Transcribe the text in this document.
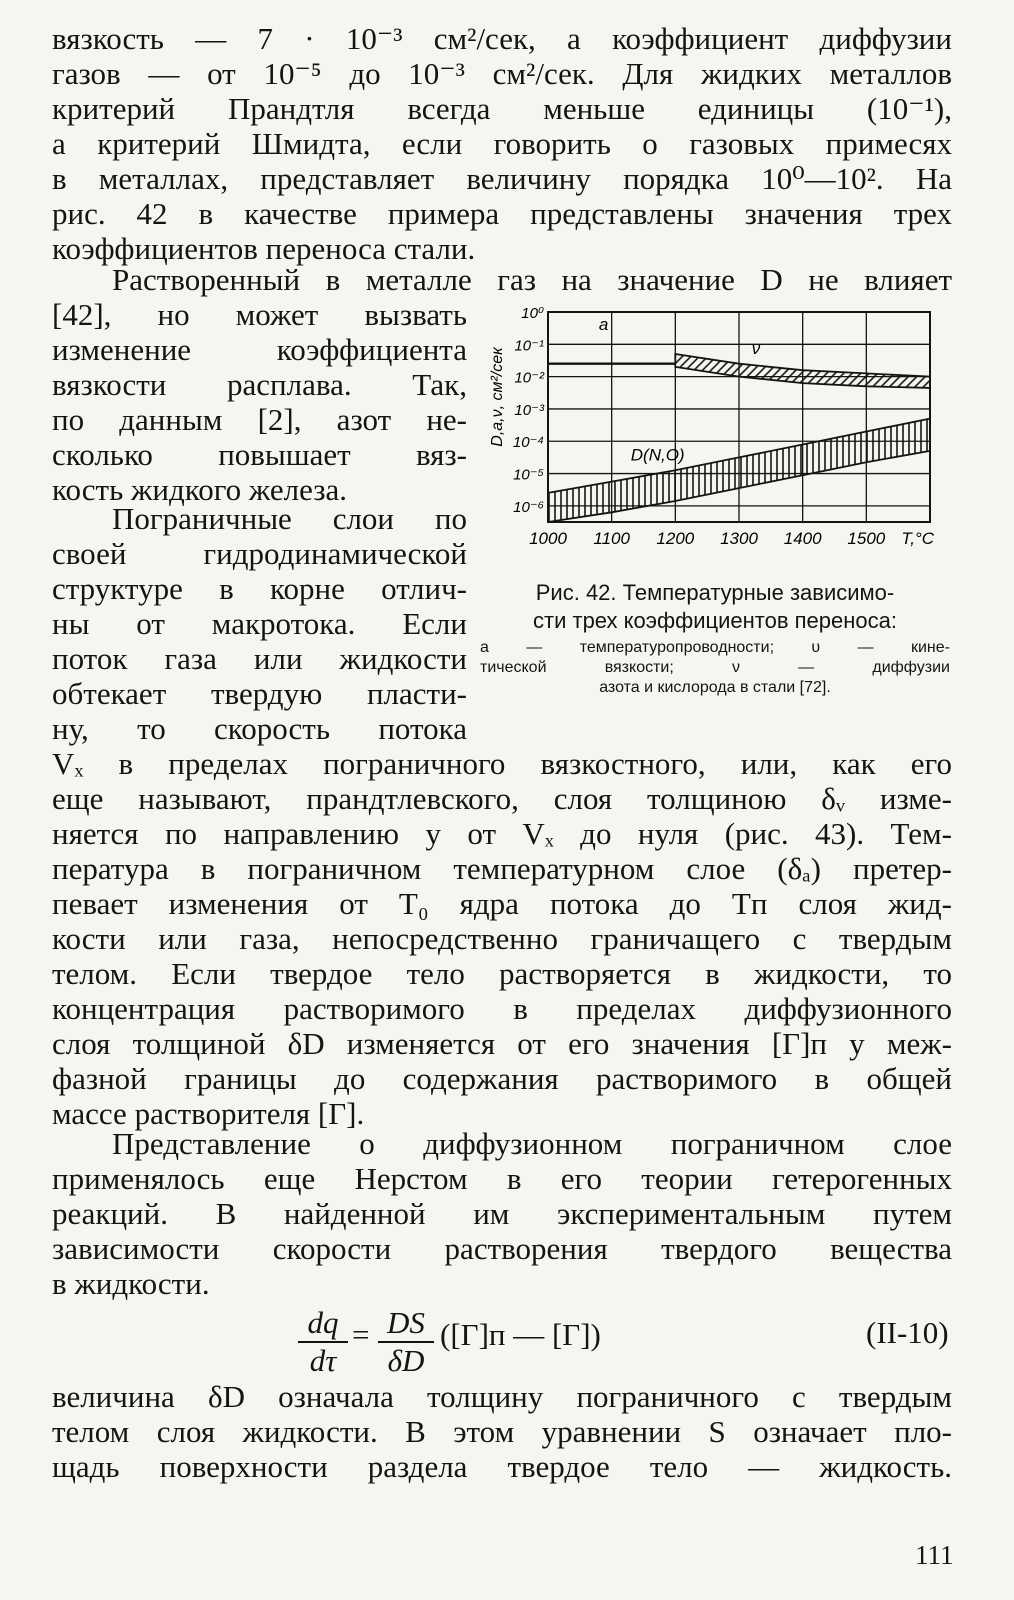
вязкость — 7 · 10⁻³ см²/сек, а коэффициент диффузии
газов — от 10⁻⁵ до 10⁻³ см²/сек. Для жидких металлов
критерий Прандтля всегда меньше единицы (10⁻¹),
а критерий Шмидта, если говорить о газовых примесях
в металлах, представляет величину порядка 10⁰—10². На
рис. 42 в качестве примера представлены значения трех
коэффициентов переноса стали.
Растворенный в металле газ на значение D не влияет
[42], но может вызвать
изменение коэффициента
вязкости расплава. Так,
по данным [2], азот не-
сколько повышает вяз-
кость жидкого железа.
Пограничные слои по
своей гидродинамической
структуре в корне отлич-
ны от макротока. Если
поток газа или жидкости
обтекает твердую пласти-
ну, то скорость потока
Vₓ в пределах пограничного вязкостного, или, как его
еще называют, прандтлевского, слоя толщиною δᵥ изме-
няется по направлению y от Vₓ до нуля (рис. 43). Тем-
пература в пограничном температурном слое (δₐ) претер-
певает изменения от T₀ ядра потока до Tп слоя жид-
кости или газа, непосредственно граничащего с твердым
телом. Если твердое тело растворяется в жидкости, то
концентрация растворимого в пределах диффузионного
слоя толщиной δD изменяется от его значения [Г]п у меж-
фазной границы до содержания растворимого в общей
массе растворителя [Г].
Представление о диффузионном пограничном слое
применялось еще Нерстом в его теории гетерогенных
реакций. В найденной им экспериментальным путем
зависимости скорости растворения твердого вещества
в жидкости.
$\frac{dq}{d\tau} = \frac{DS}{\delta D} ([Г]п$ — [Г])	(II-10)
величина δD означала толщину пограничного с твердым
телом слоя жидкости. В этом уравнении S означает пло-
щадь поверхности раздела твердое тело — жидкость.
111
a
ν
D(N,O)
1000 1100 1200 1300 1400 1500 T,°C
10⁰
10⁻¹
10⁻²
10⁻³
10⁻⁴
10⁻⁵
10⁻⁶
D,a,ν, см²/сек
Рис. 42. Температурные зависимо-
сти трех коэффициентов переноса:
a — температуропроводности; υ — кине-
тической вязкости; ν — диффузии
азота и кислорода в стали [72].
